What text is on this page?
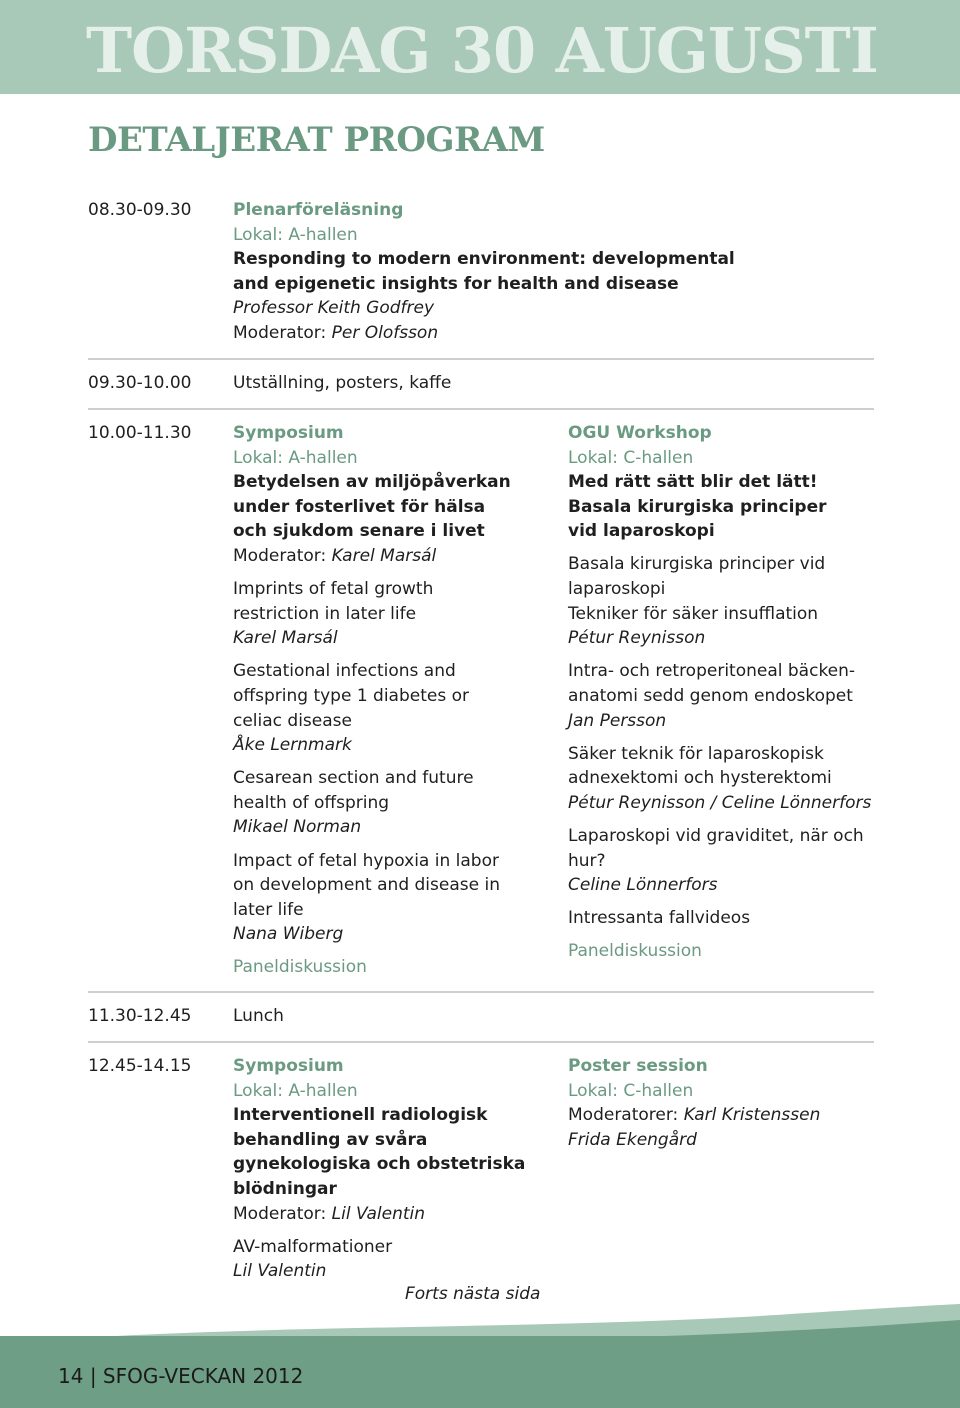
TORSDAG 30 AUGUSTI
DETALJERAT PROGRAM
08.30-09.30 Plenarföreläsning
Lokal: A-hallen
Responding to modern environment: developmental
and epigenetic insights for health and disease
Professor Keith Godfrey
Moderator: Per Olofsson
09.30-10.00 Utställning, posters, kaffe
10.00-11.30 Symposium
Lokal: A-hallen
Betydelsen av miljöpåverkan
under fosterlivet för hälsa
och sjukdom senare i livet
Moderator: Karel Marsál
Imprints of fetal growth
restriction in later life
Karel Marsál
Gestational infections and
offspring type 1 diabetes or
celiac disease
Åke Lernmark
Cesarean section and future
health of offspring
Mikael Norman
Impact of fetal hypoxia in labor
on development and disease in
later life
Nana Wiberg
Paneldiskussion
OGU Workshop
Lokal: C-hallen
Med rätt sätt blir det lätt!
Basala kirurgiska principer
vid laparoskopi
Basala kirurgiska principer vid
laparoskopi
Tekniker för säker insufflation
Pétur Reynisson
Intra- och retroperitoneal bäcken-
anatomi sedd genom endoskopet
Jan Persson
Säker teknik för laparoskopisk
adnexektomi och hysterektomi
Pétur Reynisson / Celine Lönnerfors
Laparoskopi vid graviditet, när och
hur?
Celine Lönnerfors
Intressanta fallvideos
Paneldiskussion
11.30-12.45 Lunch
12.45-14.15 Symposium
Lokal: A-hallen
Interventionell radiologisk
behandling av svåra
gynekologiska och obstetriska
blödningar
Moderator: Lil Valentin
AV-malformationer
Lil Valentin
Poster session
Lokal: C-hallen
Moderatorer: Karl Kristenssen
Frida Ekengård
Forts nästa sida
14 | SFOG-VECKAN 2012
